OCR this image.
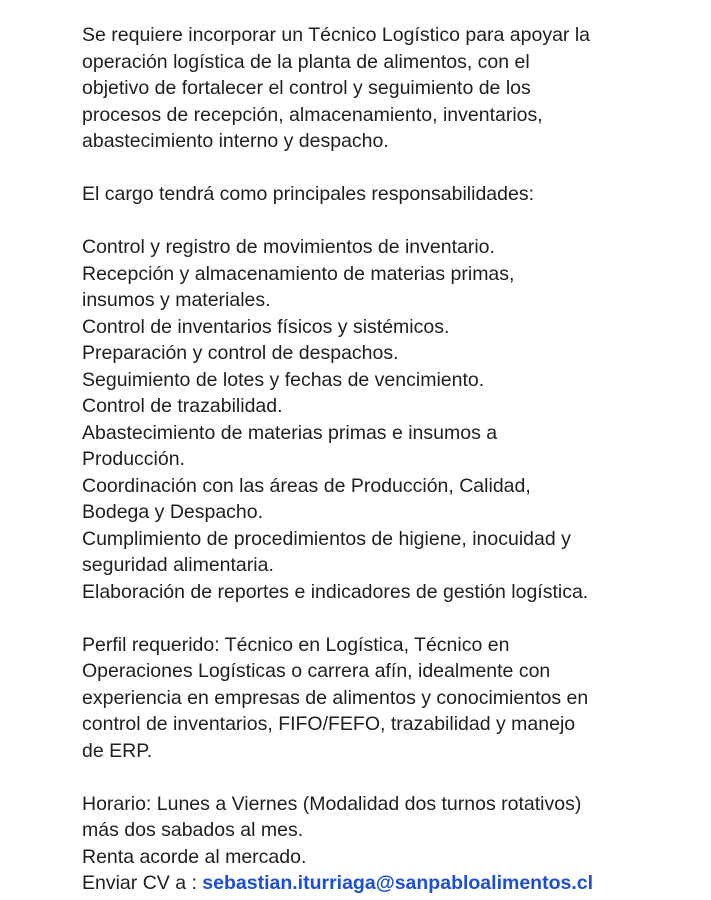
Se requiere incorporar un Técnico Logístico para apoyar la
operación logística de la planta de alimentos, con el
objetivo de fortalecer el control y seguimiento de los
procesos de recepción, almacenamiento, inventarios,
abastecimiento interno y despacho.
El cargo tendrá como principales responsabilidades:
Control y registro de movimientos de inventario.
Recepción y almacenamiento de materias primas,
insumos y materiales.
Control de inventarios físicos y sistémicos.
Preparación y control de despachos.
Seguimiento de lotes y fechas de vencimiento.
Control de trazabilidad.
Abastecimiento de materias primas e insumos a
Producción.
Coordinación con las áreas de Producción, Calidad,
Bodega y Despacho.
Cumplimiento de procedimientos de higiene, inocuidad y
seguridad alimentaria.
Elaboración de reportes e indicadores de gestión logística.
Perfil requerido: Técnico en Logística, Técnico en
Operaciones Logísticas o carrera afín, idealmente con
experiencia en empresas de alimentos y conocimientos en
control de inventarios, FIFO/FEFO, trazabilidad y manejo
de ERP.
Horario: Lunes a Viernes (Modalidad dos turnos rotativos)
más dos sabados al mes.
Renta acorde al mercado.
Enviar CV a : sebastian.iturriaga@sanpabloalimentos.cl
